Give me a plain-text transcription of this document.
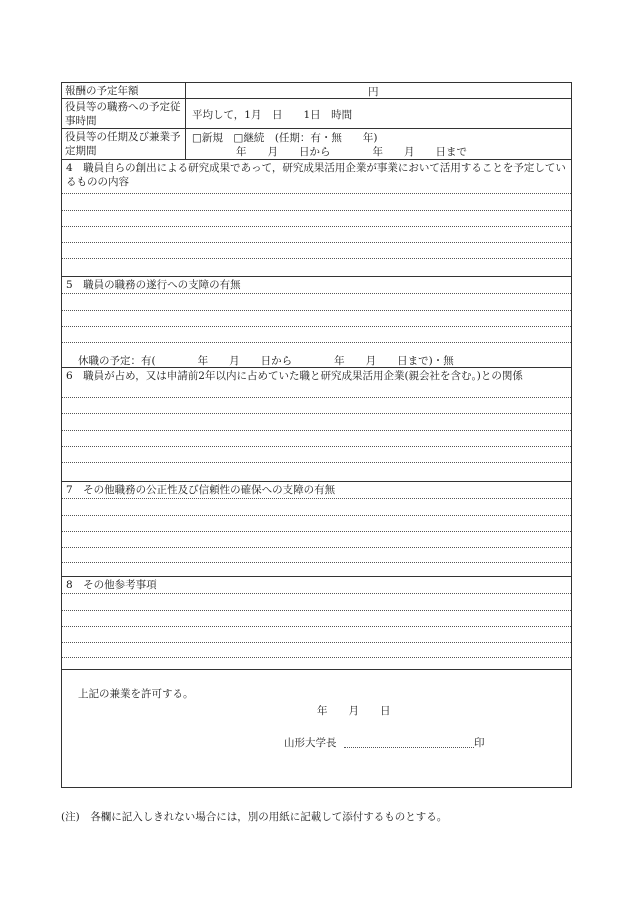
報酬の予定年額	円
役員等の職務への予定従事時間	平均して，1月　日　　1日　時間
役員等の任期及び兼業予定期間
□新規　□継続　(任期：有・無　　年)
年　　月　　日から　　　　年　　月　　日まで
4　職員自らの創出による研究成果であって，研究成果活用企業が事業において活用することを予定しているものの内容
5　職員の職務の遂行への支障の有無
休職の予定：有(　　　　年　　月　　日から　　　　年　　月　　日まで)・無
6　職員が占め，又は申請前2年以内に占めていた職と研究成果活用企業(親会社を含む。)との関係
7　その他職務の公正性及び信頼性の確保への支障の有無
8　その他参考事項
上記の兼業を許可する。
年　　月　　日
山形大学長	印
(注)　各欄に記入しきれない場合には，別の用紙に記載して添付するものとする。
